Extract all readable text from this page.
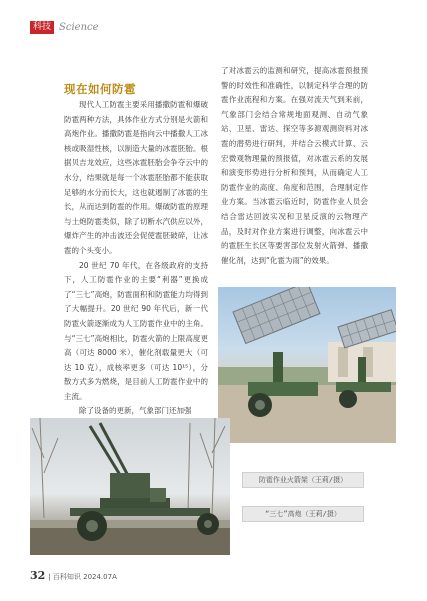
科技 Science
现在如何防雹

现代人工防雹主要采用播撒防雹和爆破防雹两种方法，具体作业方式分别是火箭和高炮作业。播撒防雹是指向云中播撒人工冰核或吸湿性核，以制造大量的冰雹胚胎。根据贝吉龙效应，这些冰雹胚胎会争夺云中的水分，结果就是每一个冰雹胚胎都不能获取足够的水分而长大，这也就遏制了冰雹的生长，从而达到防雹的作用。爆破防雹的原理与土炮防雹类似，除了切断水汽供应以外，爆炸产生的冲击波还会促使雹胚破碎，让冰雹的个头变小。

20 世纪 70 年代，在各级政府的支持下，人工防雹作业的主要“利器”更换成了“三七”高炮，防雹面积和防雹能力均得到了大幅提升。20 世纪 90 年代后，新一代防雹火箭逐渐成为人工防雹作业中的主角。与“三七”高炮相比，防雹火箭的上限高度更高（可达 8000 米），催化剂载量更大（可达 10 克），成核率更多（可达 10¹⁵），分散方式多为燃烧，是目前人工防雹作业中的主流。

除了设备的更新，气象部门还加强

了对冰雹云的监测和研究，提高冰雹预报预警的时效性和准确性，以制定科学合理的防雹作业流程和方案。在强对流天气到来前，气象部门会结合常规地面观测、自动气象站、卫星、雷达、探空等多源观测资料对冰雹的潜势进行研判，并结合云模式计算、云宏微观物理量的预报值，对冰雹云系的发展和演变形势进行分析和预判，从而确定人工防雹作业的高度、角度和范围，合理制定作业方案。当冰雹云临近时，防雹作业人员会结合雷达回波实况和卫星反演的云物理产品，及时对作业方案进行调整，向冰雹云中的雹胚生长区等要害部位发射火箭弹、播撒催化剂，达到“化雹为雨”的效果。

防雹作业火箭架（王莉/摄）
“三七”高炮（王莉/摄）
32 | 百科知识 2024.07A
